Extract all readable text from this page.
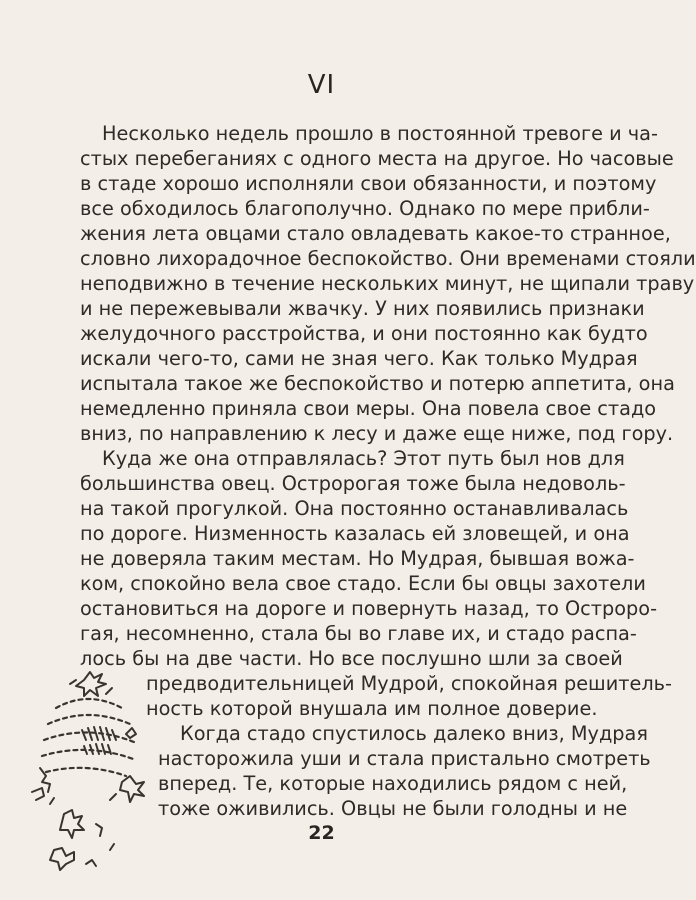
VI
Несколько недель прошло в постоянной тревоге и ча-
стых перебеганиях с одного места на другое. Но часовые
в стаде хорошо исполняли свои обязанности, и поэтому
все обходилось благополучно. Однако по мере прибли-
жения лета овцами стало овладевать какое-то странное,
словно лихорадочное беспокойство. Они временами стояли
неподвижно в течение нескольких минут, не щипали траву
и не пережевывали жвачку. У них появились признаки
желудочного расстройства, и они постоянно как будто
искали чего-то, сами не зная чего. Как только Мудрая
испытала такое же беспокойство и потерю аппетита, она
немедленно приняла свои меры. Она повела свое стадо
вниз, по направлению к лесу и даже еще ниже, под гору.
Куда же она отправлялась? Этот путь был нов для
большинства овец. Остророгая тоже была недоволь-
на такой прогулкой. Она постоянно останавливалась
по дороге. Низменность казалась ей зловещей, и она
не доверяла таким местам. Но Мудрая, бывшая вожа-
ком, спокойно вела свое стадо. Если бы овцы захотели
остановиться на дороге и повернуть назад, то Остроро-
гая, несомненно, стала бы во главе их, и стадо распа-
лось бы на две части. Но все послушно шли за своей
предводительницей Мудрой, спокойная решитель-
ность которой внушала им полное доверие.
Когда стадо спустилось далеко вниз, Мудрая
насторожила уши и стала пристально смотреть
вперед. Те, которые находились рядом с ней,
тоже оживились. Овцы не были голодны и не
22
